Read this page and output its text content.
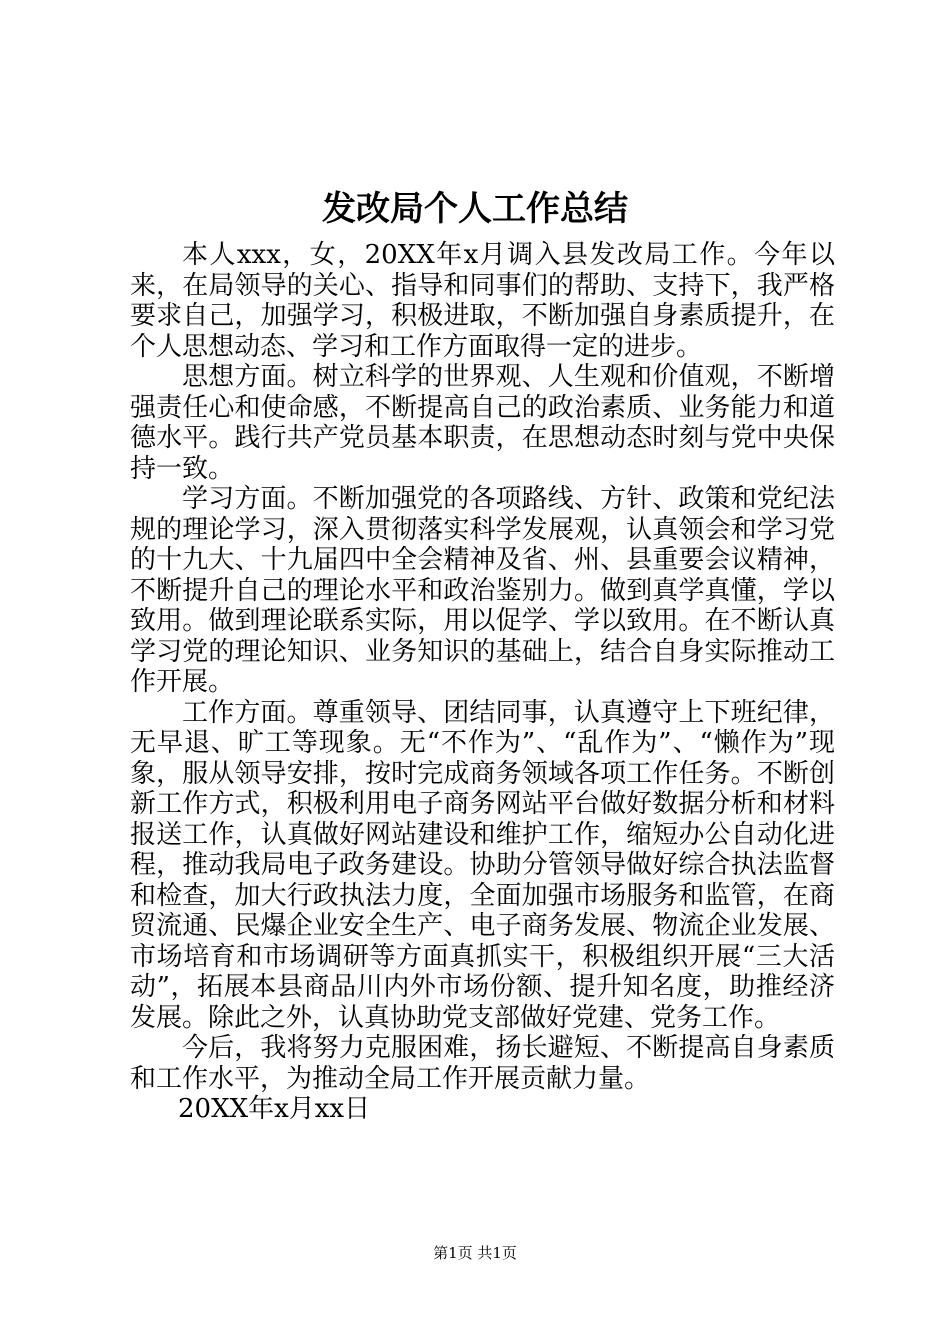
发改局个人工作总结

本人xxx，女，20XX年x月调入县发改局工作。今年以来，在局领导的关心、指导和同事们的帮助、支持下，我严格要求自己，加强学习，积极进取，不断加强自身素质提升，在个人思想动态、学习和工作方面取得一定的进步。

思想方面。树立科学的世界观、人生观和价值观，不断增强责任心和使命感，不断提高自己的政治素质、业务能力和道德水平。践行共产党员基本职责，在思想动态时刻与党中央保持一致。

学习方面。不断加强党的各项路线、方针、政策和党纪法规的理论学习，深入贯彻落实科学发展观，认真领会和学习党的十九大、十九届四中全会精神及省、州、县重要会议精神，不断提升自己的理论水平和政治鉴别力。做到真学真懂，学以致用。做到理论联系实际，用以促学、学以致用。在不断认真学习党的理论知识、业务知识的基础上，结合自身实际推动工作开展。

工作方面。尊重领导、团结同事，认真遵守上下班纪律，无早退、旷工等现象。无“不作为”、“乱作为”、“懒作为”现象，服从领导安排，按时完成商务领域各项工作任务。不断创新工作方式，积极利用电子商务网站平台做好数据分析和材料报送工作，认真做好网站建设和维护工作，缩短办公自动化进程，推动我局电子政务建设。协助分管领导做好综合执法监督和检查，加大行政执法力度，全面加强市场服务和监管，在商贸流通、民爆企业安全生产、电子商务发展、物流企业发展、市场培育和市场调研等方面真抓实干，积极组织开展“三大活动”，拓展本县商品川内外市场份额、提升知名度，助推经济发展。除此之外，认真协助党支部做好党建、党务工作。

今后，我将努力克服困难，扬长避短、不断提高自身素质和工作水平，为推动全局工作开展贡献力量。

20XX年x月xx日

第1页 共1页
